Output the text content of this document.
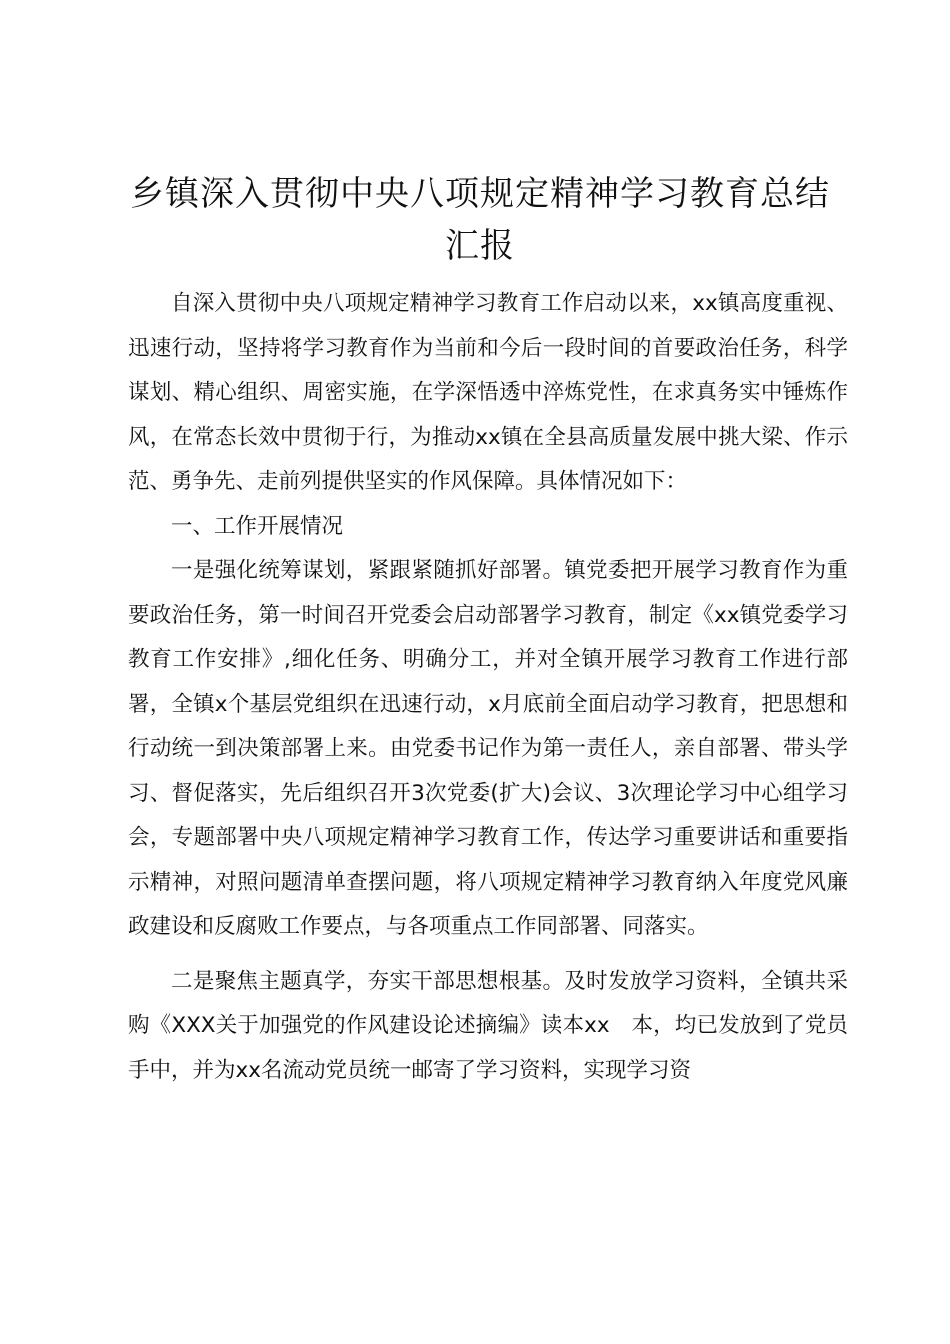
乡镇深入贯彻中央八项规定精神学习教育总结
汇报

自深入贯彻中央八项规定精神学习教育工作启动以来，xx镇高度重视、迅速行动，坚持将学习教育作为当前和今后一段时间的首要政治任务，科学谋划、精心组织、周密实施，在学深悟透中淬炼党性，在求真务实中锤炼作风，在常态长效中贯彻于行，为推动xx镇在全县高质量发展中挑大梁、作示范、勇争先、走前列提供坚实的作风保障。具体情况如下：

一、工作开展情况

一是强化统筹谋划，紧跟紧随抓好部署。镇党委把开展学习教育作为重要政治任务，第一时间召开党委会启动部署学习教育，制定《xx镇党委学习教育工作安排》,细化任务、明确分工，并对全镇开展学习教育工作进行部署，全镇x个基层党组织在迅速行动，x月底前全面启动学习教育，把思想和行动统一到决策部署上来。由党委书记作为第一责任人，亲自部署、带头学习、督促落实，先后组织召开3次党委(扩大)会议、3次理论学习中心组学习会，专题部署中央八项规定精神学习教育工作，传达学习重要讲话和重要指示精神，对照问题清单查摆问题，将八项规定精神学习教育纳入年度党风廉政建设和反腐败工作要点，与各项重点工作同部署、同落实。

二是聚焦主题真学，夯实干部思想根基。及时发放学习资料，全镇共采购《XXX关于加强党的作风建设论述摘编》读本xx　本，均已发放到了党员手中，并为xx名流动党员统一邮寄了学习资料，实现学习资
